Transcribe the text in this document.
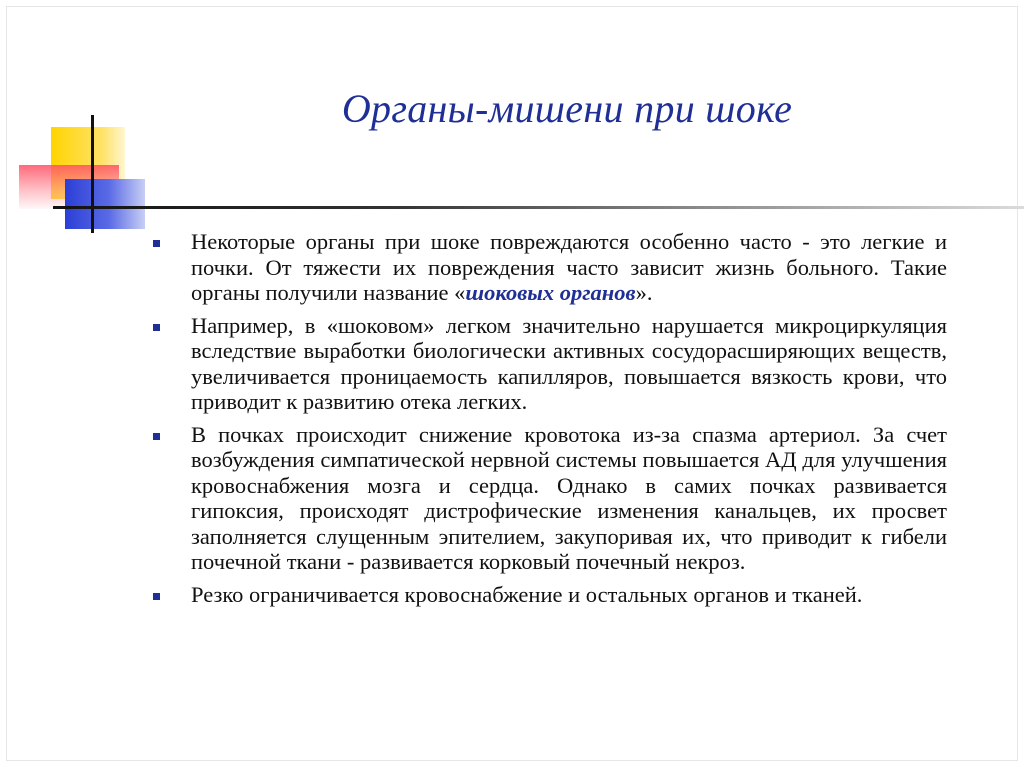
Органы-мишени при шоке
Некоторые органы при шоке повреждаются особенно часто - это легкие и почки. От тяжести их повреждения часто зависит жизнь больного. Такие органы получили название «шоковых органов».
Например, в «шоковом» легком значительно нарушается микроциркуляция вследствие выработки биологически активных сосудорасширяющих веществ, увеличивается проницаемость капилляров, повышается вязкость крови, что приводит к развитию отека легких.
В почках происходит снижение кровотока из-за спазма артериол. За счет возбуждения симпатической нервной системы повышается АД для улучшения кровоснабжения мозга и сердца. Однако в самих почках развивается гипоксия, происходят дистрофические изменения канальцев, их просвет заполняется слущенным эпителием, закупоривая их, что приводит к гибели почечной ткани - развивается корковый почечный некроз.
Резко ограничивается кровоснабжение и остальных органов и тканей.
